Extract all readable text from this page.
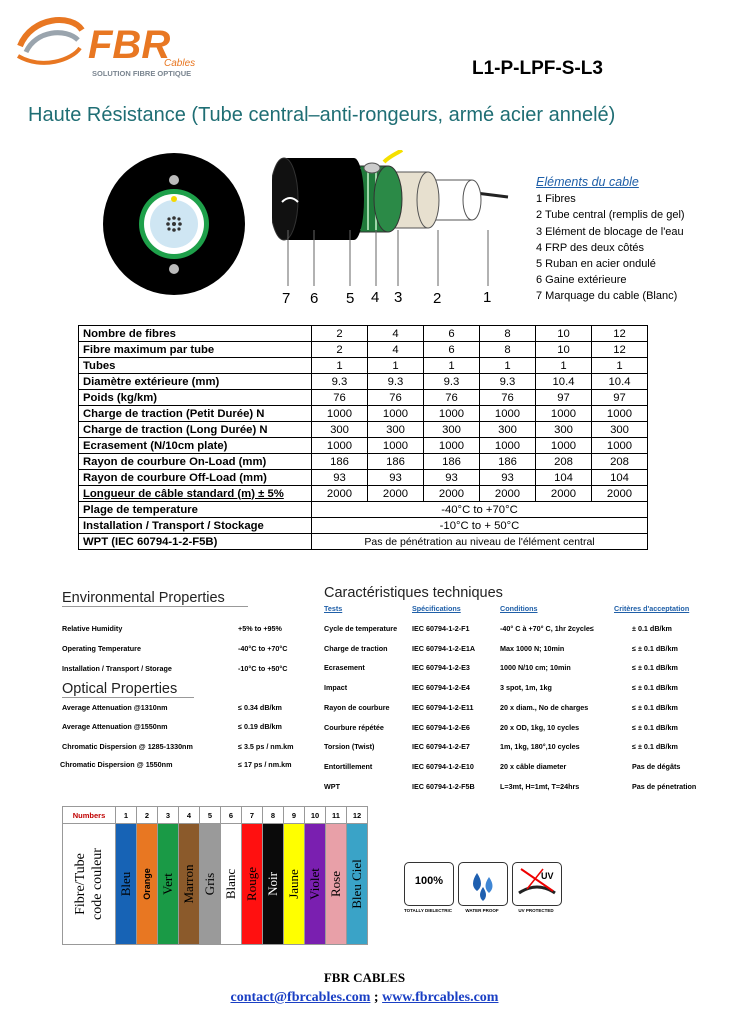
FBR
Cables
SOLUTION FIBRE OPTIQUE	L1-P-LPF-S-L3
Haute Résistance (Tube central–anti-rongeurs, armé acier annelé)
7 6 5 4 3 2	1
Eléments du cable
1 Fibres
2 Tube central (remplis de gel)
3 Elément de blocage de l'eau
4 FRP des deux côtés
5 Ruban en acier ondulé
6 Gaine extérieure
7 Marquage du cable (Blanc)
Nombre de fibres	2	4	6	8	10	12
Fibre maximum par tube	2	4	6	8	10	12
Tubes	1	1	1	1	1	1
Diamètre extérieure (mm)	9.3	9.3	9.3	9.3	10.4	10.4
Poids (kg/km)	76	76	76	76	97	97
Charge de traction (Petit Durée) N	1000	1000	1000	1000	1000	1000
Charge de traction (Long Durée) N	300	300	300	300	300	300
Ecrasement (N/10cm plate)	1000	1000	1000	1000	1000	1000
Rayon de courbure On-Load (mm)	186	186	186	186	208	208
Rayon de courbure Off-Load (mm)	93	93	93	93	104	104
Longueur de câble standard (m) ± 5%	2000	2000	2000	2000	2000	2000
Plage de temperature	-40°C to +70°C					
Installation / Transport / Stockage	-10°C to + 50°C					
WPT (IEC 60794-1-2-F5B)	Pas de pénétration au niveau de l'élément central					
Environmental Properties
Relative Humidity	+5% to +95%
Operating Temperature	-40°C to +70°C
Installation / Transport / Storage	-10°C to +50°C
Optical Properties
Average Attenuation @1310nm	≤ 0.34 dB/km
Average Attenuation @1550nm	≤ 0.19 dB/km
Chromatic Dispersion @ 1285-1330nm	≤ 3.5 ps / nm.km
Chromatic Dispersion @ 1550nm	≤ 17 ps / nm.km
Caractéristiques techniques
Tests	Spécifications	Conditions	Critères d'acceptation
Cycle de temperature IEC 60794-1-2-F1	-40° C à +70° C, 1hr 2cycle≤	± 0.1 dB/km
Charge de traction	IEC 60794-1-2-E1A	Max 1000 N; 10min	≤ ± 0.1 dB/km
Ecrasement	IEC 60794-1-2-E3	1000 N/10 cm; 10min	≤ ± 0.1 dB/km
Impact	IEC 60794-1-2-E4	3 spot, 1m, 1kg	≤ ± 0.1 dB/km
Rayon de courbure	IEC 60794-1-2-E11	20 x diam., No de charges	≤ ± 0.1 dB/km
Courbure répétée	IEC 60794-1-2-E6	20 x OD, 1kg, 10 cycles	≤ ± 0.1 dB/km
Torsion (Twist)	IEC 60794-1-2-E7	1m, 1kg, 180°,10 cycles	≤ ± 0.1 dB/km
Entortillement	IEC 60794-1-2-E10	20 x câble diameter	Pas de dégâts
WPT	IEC 60794-1-2-F5B	L=3mt, H=1mt, T=24hrs	Pas de pénetration
Numbers	1	2	3	4	5	6	7	8	9	10	11	12

Fibre/Tube code couleur	Bleu	Orange	Vert	Marron	Gris	Blanc	Rouge	Noir	Jaune	Violet	Rose	Bleu Ciel	100%
TOTALLY DIELECTRIC	WATER PROOF
UV
UV PROTECTED
FBR CABLES
contact@fbrcables.com ; www.fbrcables.com
